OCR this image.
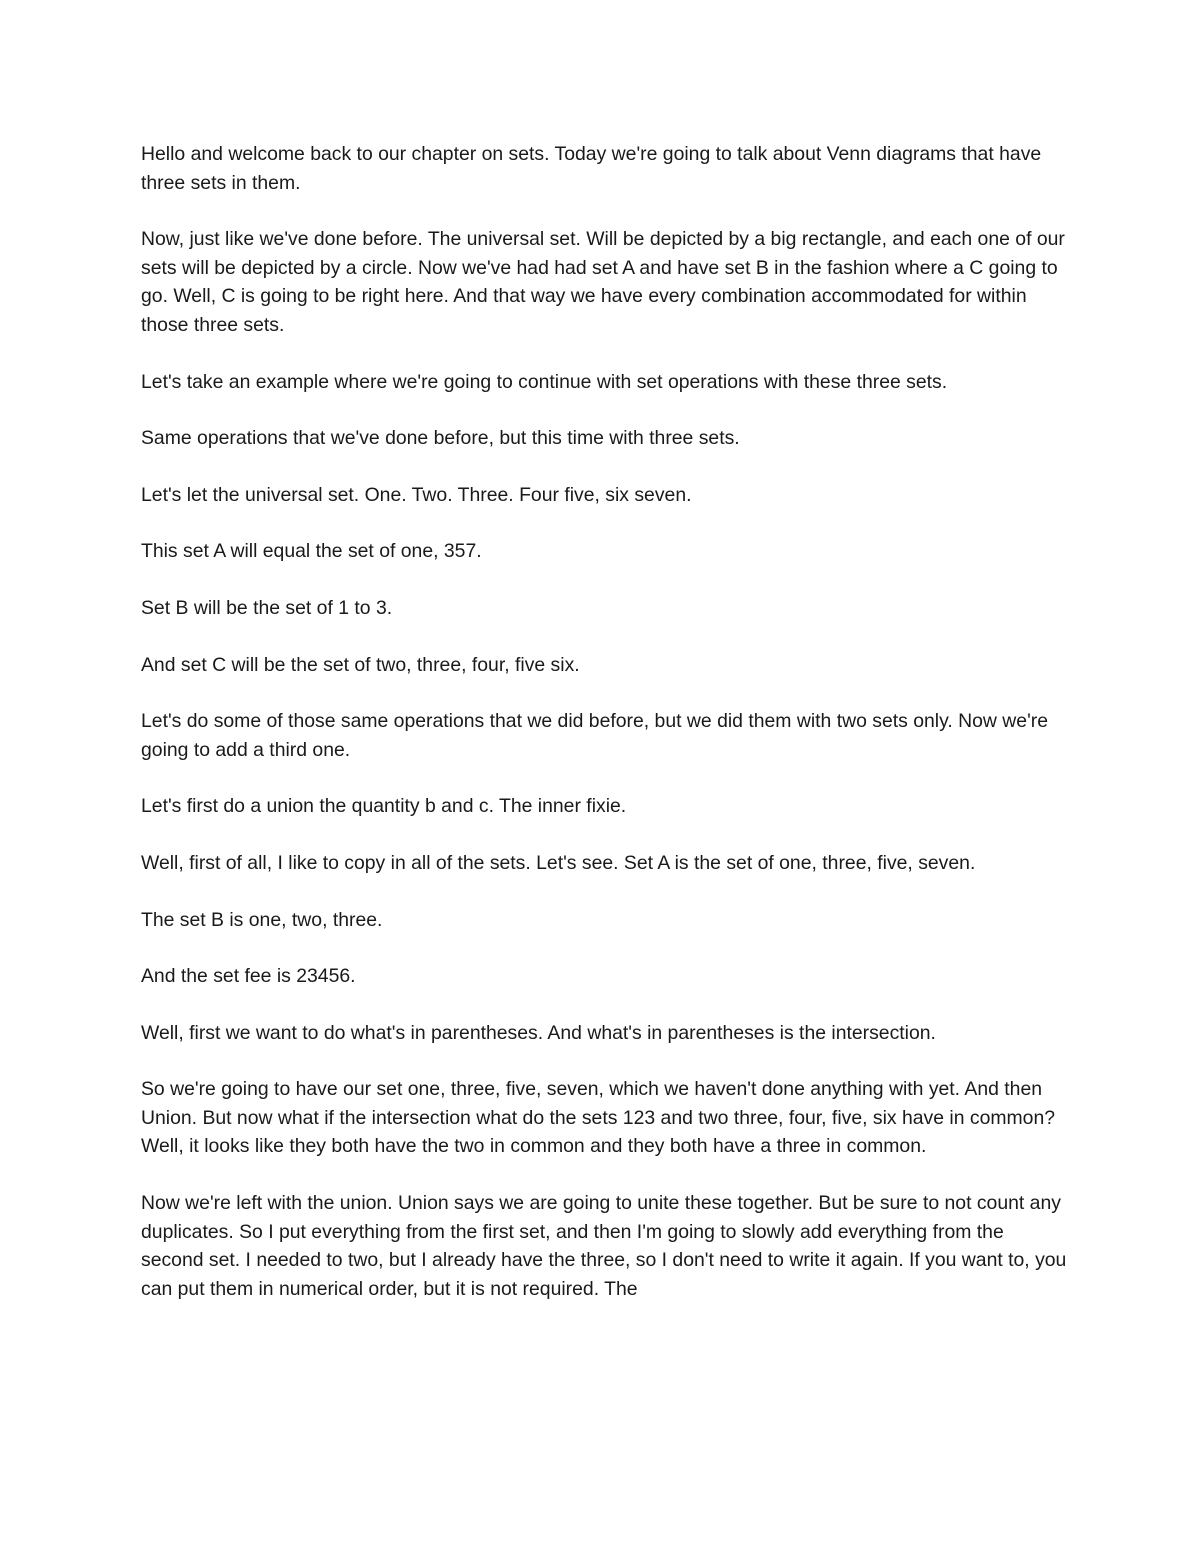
Hello and welcome back to our chapter on sets. Today we're going to talk about Venn diagrams that have three sets in them.

Now, just like we've done before. The universal set. Will be depicted by a big rectangle, and each one of our sets will be depicted by a circle. Now we've had had set A and have set B in the fashion where a C going to go. Well, C is going to be right here. And that way we have every combination accommodated for within those three sets.

Let's take an example where we're going to continue with set operations with these three sets.

Same operations that we've done before, but this time with three sets.

Let's let the universal set. One. Two. Three. Four five, six seven.

This set A will equal the set of one, 357.

Set B will be the set of 1 to 3.

And set C will be the set of two, three, four, five six.

Let's do some of those same operations that we did before, but we did them with two sets only. Now we're going to add a third one.

Let's first do a union the quantity b and c. The inner fixie.

Well, first of all, I like to copy in all of the sets. Let's see. Set A is the set of one, three, five, seven.

The set B is one, two, three.

And the set fee is 23456.

Well, first we want to do what's in parentheses. And what's in parentheses is the intersection.

So we're going to have our set one, three, five, seven, which we haven't done anything with yet. And then Union. But now what if the intersection what do the sets 123 and two three, four, five, six have in common? Well, it looks like they both have the two in common and they both have a three in common.

Now we're left with the union. Union says we are going to unite these together. But be sure to not count any duplicates. So I put everything from the first set, and then I'm going to slowly add everything from the second set. I needed to two, but I already have the three, so I don't need to write it again. If you want to, you can put them in numerical order, but it is not required. The
